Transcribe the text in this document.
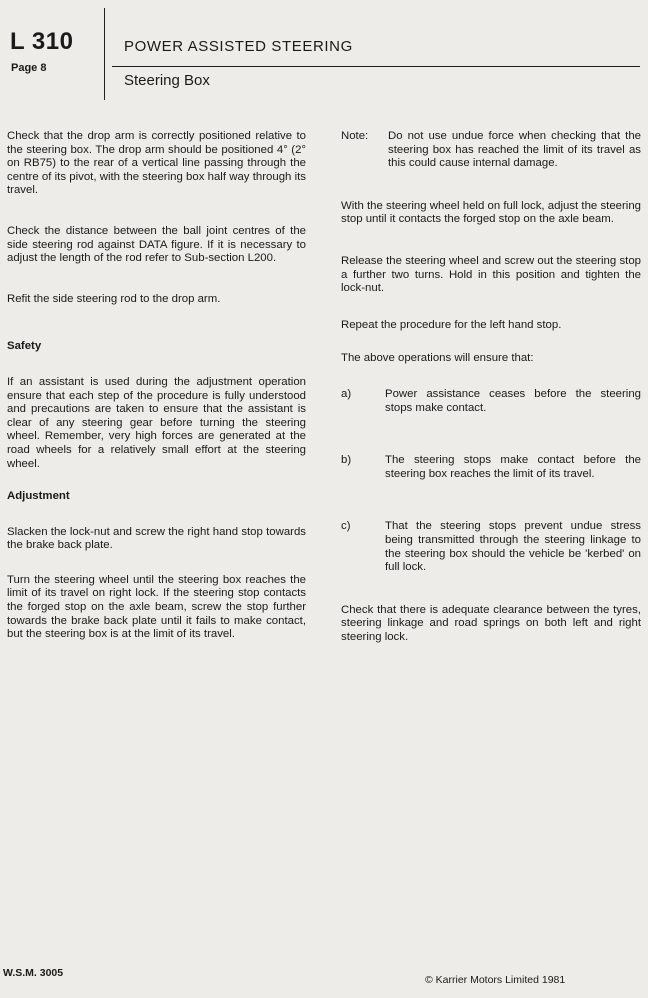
L 310
Page 8
POWER ASSISTED STEERING
Steering Box

Check that the drop arm is correctly positioned relative to the steering box. The drop arm should be positioned 4° (2° on RB75) to the rear of a vertical line passing through the centre of its pivot, with the steering box half way through its travel.

Check the distance between the ball joint centres of the side steering rod against DATA figure. If it is necessary to adjust the length of the rod refer to Sub-section L200.

Refit the side steering rod to the drop arm.

Safety

If an assistant is used during the adjustment operation ensure that each step of the procedure is fully understood and precautions are taken to ensure that the assistant is clear of any steering gear before turning the steering wheel. Remember, very high forces are generated at the road wheels for a relatively small effort at the steering wheel.

Adjustment

Slacken the lock-nut and screw the right hand stop towards the brake back plate.

Turn the steering wheel until the steering box reaches the limit of its travel on right lock. If the steering stop contacts the forged stop on the axle beam, screw the stop further towards the brake back plate until it fails to make contact, but the steering box is at the limit of its travel.

Note:	Do not use undue force when checking that the steering box has reached the limit of its travel as this could cause internal damage.

With the steering wheel held on full lock, adjust the steering stop until it contacts the forged stop on the axle beam.

Release the steering wheel and screw out the steering stop a further two turns. Hold in this position and tighten the lock-nut.

Repeat the procedure for the left hand stop.

The above operations will ensure that:

a)	Power assistance ceases before the steering stops make contact.
b)	The steering stops make contact before the steering box reaches the limit of its travel.
c)	That the steering stops prevent undue stress being transmitted through the steering linkage to the steering box should the vehicle be 'kerbed' on full lock.

Check that there is adequate clearance between the tyres, steering linkage and road springs on both left and right steering lock.

W.S.M. 3005
© Karrier Motors Limited 1981
